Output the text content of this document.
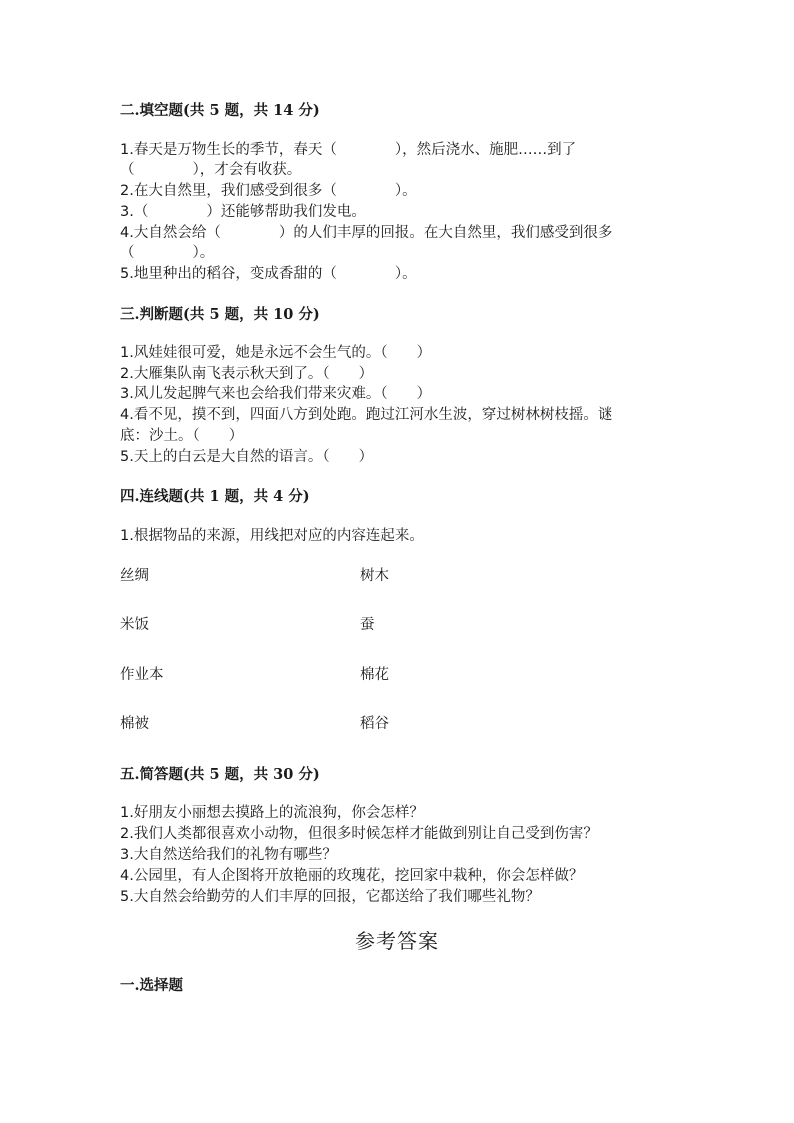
二.填空题(共 5 题，共 14 分)
1.春天是万物生长的季节，春天（　　　　），然后浇水、施肥……到了
（　　　　），才会有收获。
2.在大自然里，我们感受到很多（　　　　）。
3.（　　　　）还能够帮助我们发电。
4.大自然会给（　　　　）的人们丰厚的回报。在大自然里，我们感受到很多
（　　　　）。
5.地里种出的稻谷，变成香甜的（　　　　）。
三.判断题(共 5 题，共 10 分)
1.风娃娃很可爱，她是永远不会生气的。（　　）
2.大雁集队南飞表示秋天到了。（　　）
3.风儿发起脾气来也会给我们带来灾难。（　　）
4.看不见，摸不到，四面八方到处跑。跑过江河水生波，穿过树林树枝摇。谜
底：沙土。（　　）
5.天上的白云是大自然的语言。（　　）
四.连线题(共 1 题，共 4 分)
1.根据物品的来源，用线把对应的内容连起来。
丝绸	树木
米饭	蚕
作业本	棉花
棉被	稻谷
五.简答题(共 5 题，共 30 分)
1.好朋友小丽想去摸路上的流浪狗，你会怎样？
2.我们人类都很喜欢小动物，但很多时候怎样才能做到别让自己受到伤害？
3.大自然送给我们的礼物有哪些？
4.公园里，有人企图将开放艳丽的玫瑰花，挖回家中栽种，你会怎样做？
5.大自然会给勤劳的人们丰厚的回报，它都送给了我们哪些礼物？
参考答案
一.选择题
